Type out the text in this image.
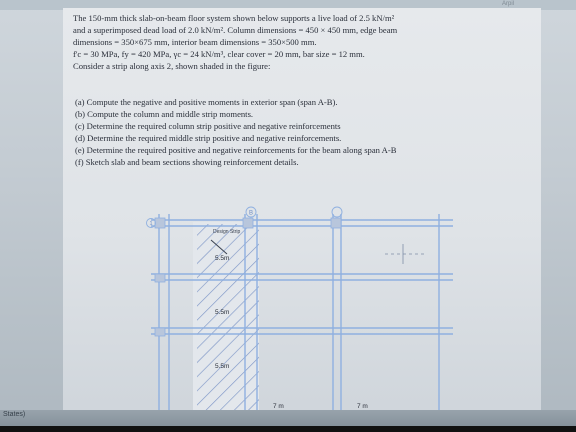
Arpil
The 150-mm thick slab-on-beam floor system shown below supports a live load of 2.5 kN/m²
and a superimposed dead load of 2.0 kN/m². Column dimensions = 450 × 450 mm, edge beam
dimensions = 350×675 mm, interior beam dimensions = 350×500 mm.
f'c = 30 MPa, fy = 420 MPa, γc = 24 kN/m³, clear cover = 20 mm, bar size = 12 mm.
Consider a strip along axis 2, shown shaded in the figure:
(a) Compute the negative and positive moments in exterior span (span A-B).
(b) Compute the column and middle strip moments.
(c) Determine the required column strip positive and negative reinforcements
(d) Determine the required middle strip positive and negative reinforcements.
(e) Determine the required positive and negative reinforcements for the beam along span A-B
(f) Sketch slab and beam sections showing reinforcement details.
B
1
Design Strip
5.5m
5.5m
5.5m
7 m	7 m
States)
